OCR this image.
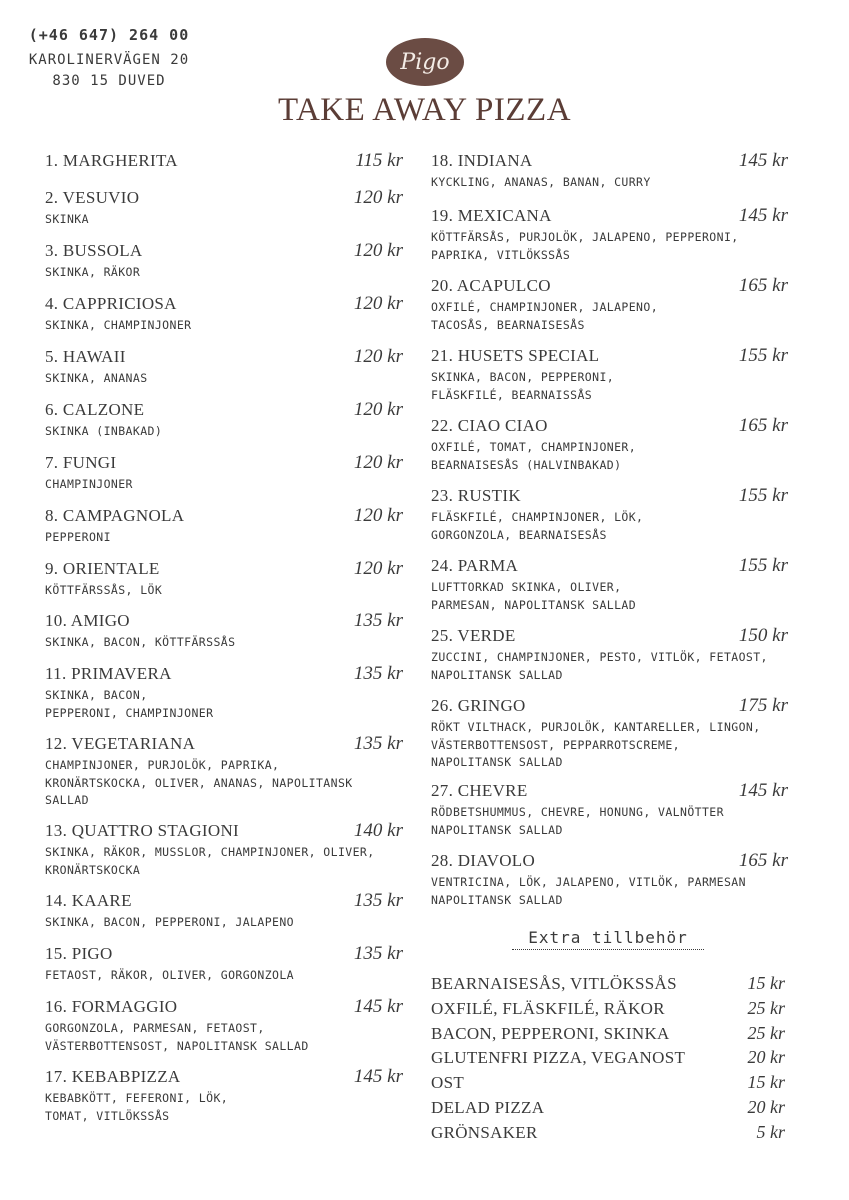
(+46 647) 264 00
KAROLINERVÄGEN 20
830 15 DUVED
Pigo
TAKE AWAY PIZZA
1. MARGHERITA	115 kr
2. VESUVIO	120 kr
SKINKA
3. BUSSOLA	120 kr
SKINKA, RÄKOR
4. CAPPRICIOSA	120 kr
SKINKA, CHAMPINJONER
5. HAWAII	120 kr
SKINKA, ANANAS
6. CALZONE	120 kr
SKINKA (INBAKAD)
7. FUNGI	120 kr
CHAMPINJONER
8. CAMPAGNOLA	120 kr
PEPPERONI
9. ORIENTALE	120 kr
KÖTTFÄRSSÅS, LÖK
10. AMIGO	135 kr
SKINKA, BACON, KÖTTFÄRSSÅS
11. PRIMAVERA	135 kr
SKINKA, BACON,
PEPPERONI, CHAMPINJONER
12. VEGETARIANA	135 kr
CHAMPINJONER, PURJOLÖK, PAPRIKA,
KRONÄRTSKOCKA, OLIVER, ANANAS, NAPOLITANSK
SALLAD
13. QUATTRO STAGIONI	140 kr
SKINKA, RÄKOR, MUSSLOR, CHAMPINJONER, OLIVER,
KRONÄRTSKOCKA
14. KAARE	135 kr
SKINKA, BACON, PEPPERONI, JALAPENO
15. PIGO	135 kr
FETAOST, RÄKOR, OLIVER, GORGONZOLA
16. FORMAGGIO	145 kr
GORGONZOLA, PARMESAN, FETAOST,
VÄSTERBOTTENSOST, NAPOLITANSK SALLAD
17. KEBABPIZZA	145 kr
KEBABKÖTT, FEFERONI, LÖK,
TOMAT, VITLÖKSSÅS
18. INDIANA	145 kr
KYCKLING, ANANAS, BANAN, CURRY
19. MEXICANA	145 kr
KÖTTFÄRSÅS, PURJOLÖK, JALAPENO, PEPPERONI,
PAPRIKA, VITLÖKSSÅS
20. ACAPULCO	165 kr
OXFILÉ, CHAMPINJONER, JALAPENO,
TACOSÅS, BEARNAISESÅS
21. HUSETS SPECIAL	155 kr
SKINKA, BACON, PEPPERONI,
FLÄSKFILÉ, BEARNAISSÅS
22. CIAO CIAO	165 kr
OXFILÉ, TOMAT, CHAMPINJONER,
BEARNAISESÅS (HALVINBAKAD)
23. RUSTIK	155 kr
FLÄSKFILÉ, CHAMPINJONER, LÖK,
GORGONZOLA, BEARNAISESÅS
24. PARMA	155 kr
LUFTTORKAD SKINKA, OLIVER,
PARMESAN, NAPOLITANSK SALLAD
25. VERDE	150 kr
ZUCCINI, CHAMPINJONER, PESTO, VITLÖK, FETAOST,
NAPOLITANSK SALLAD
26. GRINGO	175 kr
RÖKT VILTHACK, PURJOLÖK, KANTARELLER, LINGON,
VÄSTERBOTTENSOST, PEPPARROTSCREME,
NAPOLITANSK SALLAD
27. CHEVRE	145 kr
RÖDBETSHUMMUS, CHEVRE, HONUNG, VALNÖTTER
NAPOLITANSK SALLAD
28. DIAVOLO	165 kr
VENTRICINA, LÖK, JALAPENO, VITLÖK, PARMESAN
NAPOLITANSK SALLAD
Extra tillbehör
BEARNAISESÅS, VITLÖKSSÅS	15 kr
OXFILÉ, FLÄSKFILÉ, RÄKOR	25 kr
BACON, PEPPERONI, SKINKA	25 kr
GLUTENFRI PIZZA, VEGANOST	20 kr
OST	15 kr
DELAD PIZZA	20 kr
GRÖNSAKER	5 kr
